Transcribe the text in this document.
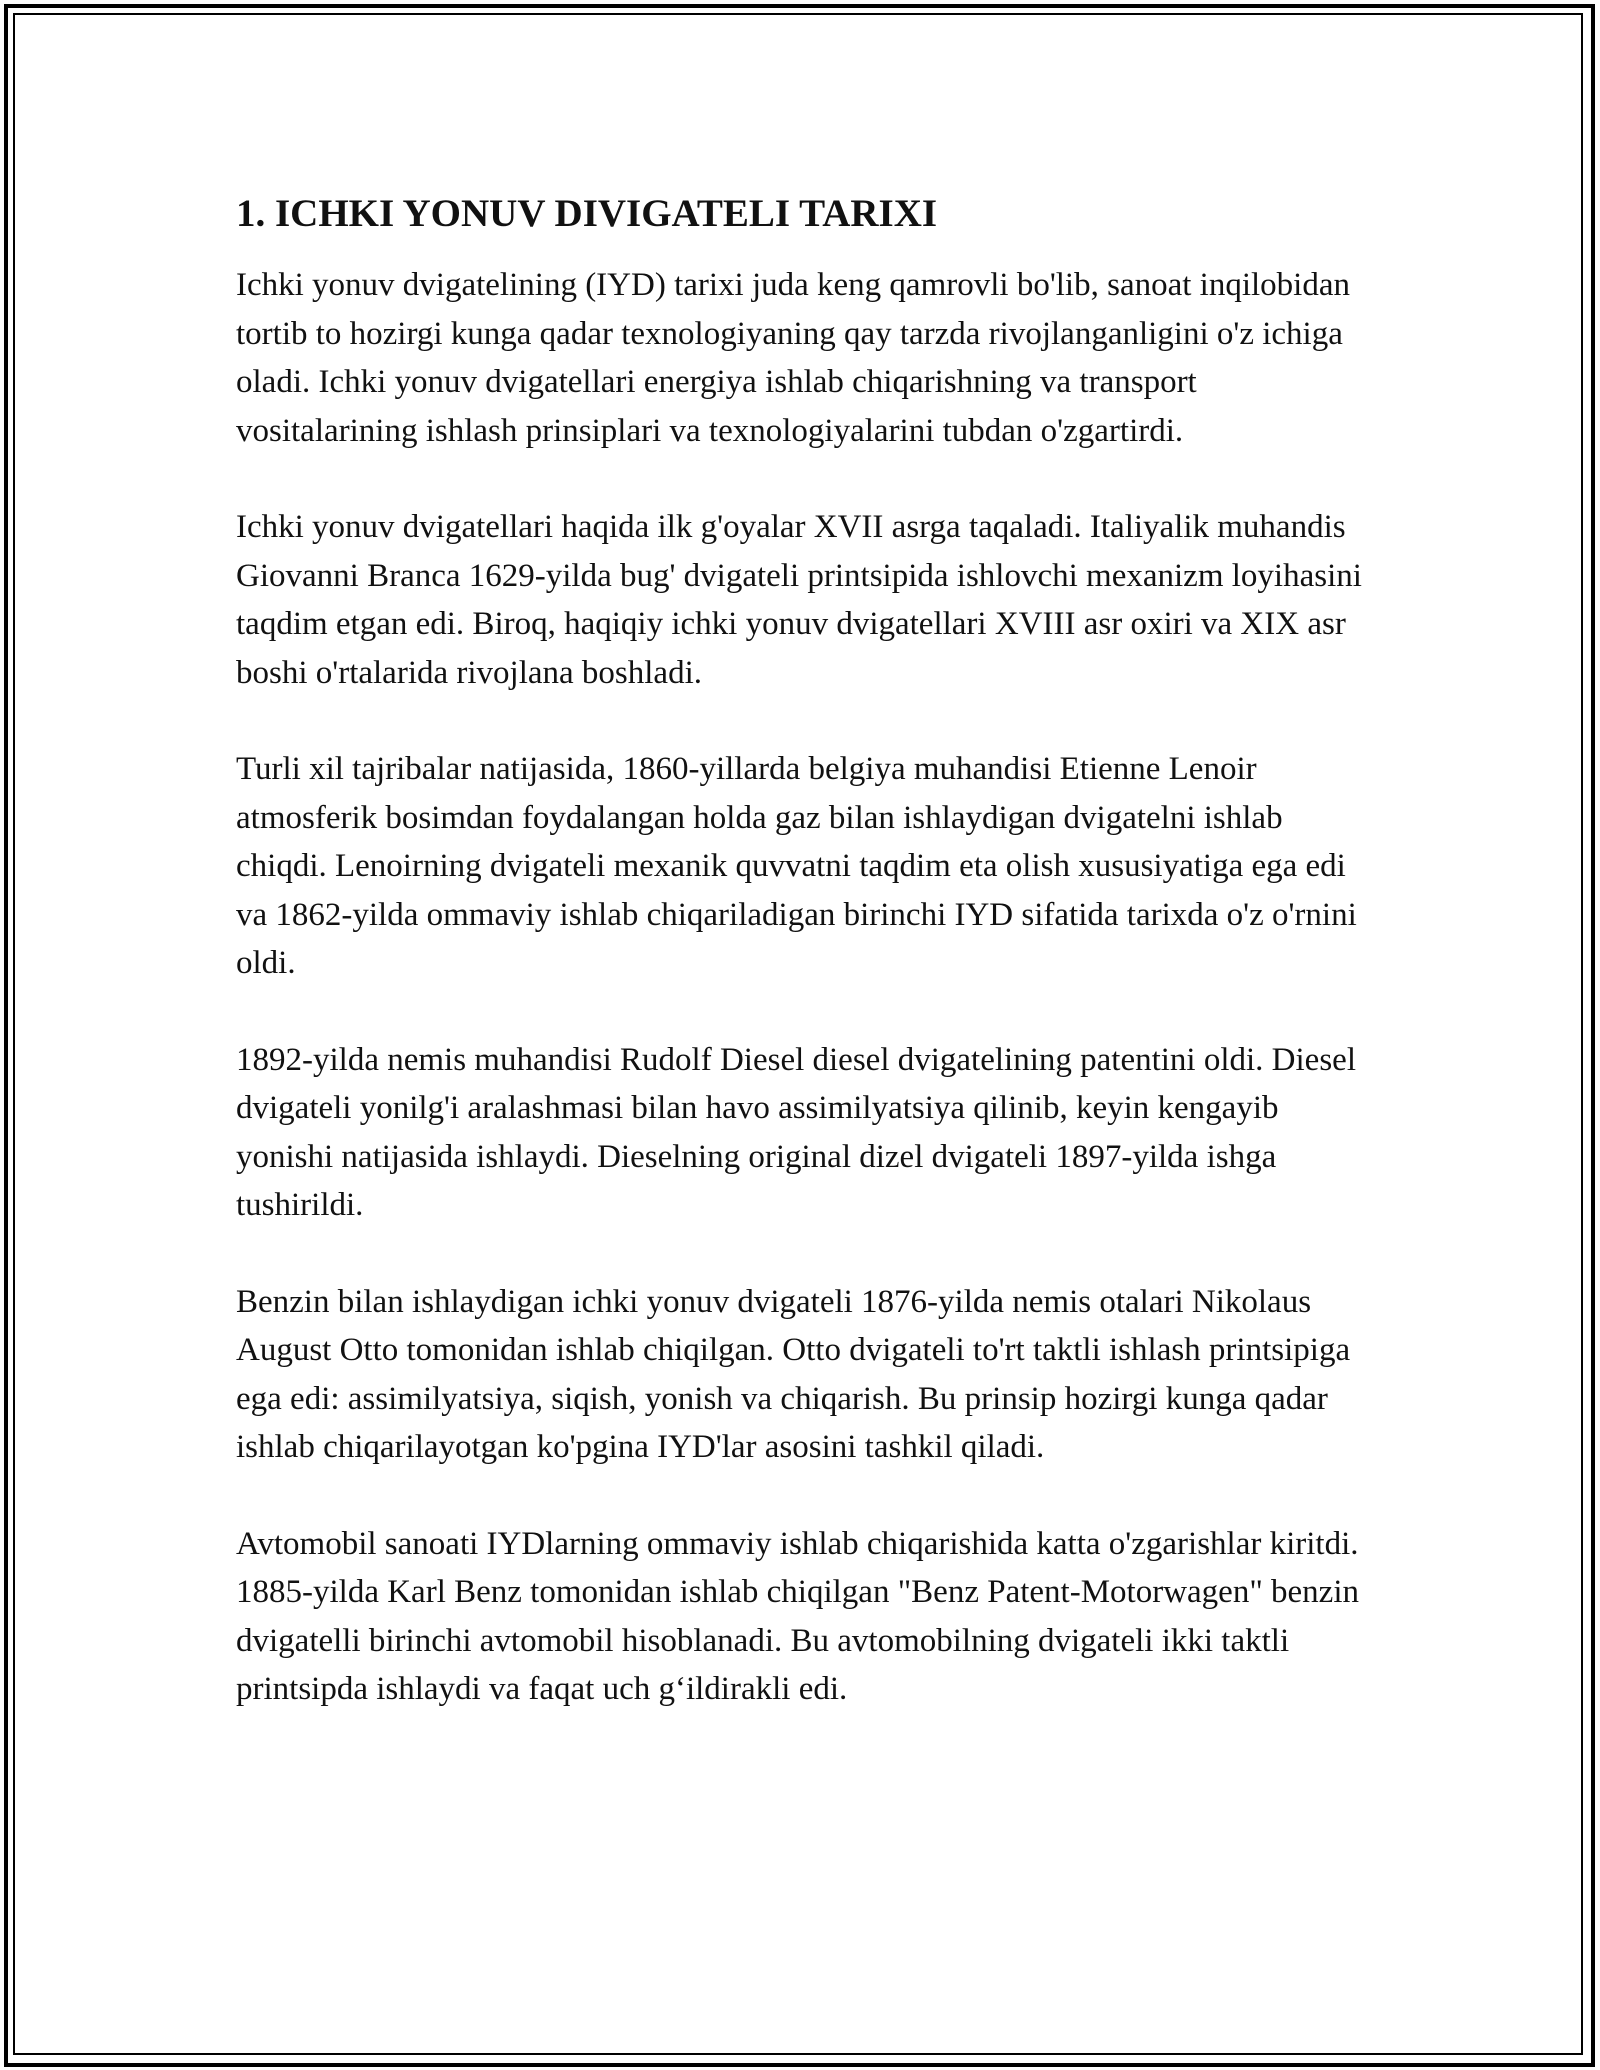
1. ICHKI YONUV DIVIGATELI TARIXI

Ichki yonuv dvigatelining (IYD) tarixi juda keng qamrovli bo'lib, sanoat inqilobidan tortib to hozirgi kunga qadar texnologiyaning qay tarzda rivojlanganligini o'z ichiga oladi. Ichki yonuv dvigatellari energiya ishlab chiqarishning va transport vositalarining ishlash prinsiplari va texnologiyalarini tubdan o'zgartirdi.

Ichki yonuv dvigatellari haqida ilk g'oyalar XVII asrga taqaladi. Italiyalik muhandis Giovanni Branca 1629-yilda bug' dvigateli printsipida ishlovchi mexanizm loyihasini taqdim etgan edi. Biroq, haqiqiy ichki yonuv dvigatellari XVIII asr oxiri va XIX asr boshi o'rtalarida rivojlana boshladi.

Turli xil tajribalar natijasida, 1860-yillarda belgiya muhandisi Etienne Lenoir atmosferik bosimdan foydalangan holda gaz bilan ishlaydigan dvigatelni ishlab chiqdi. Lenoirning dvigateli mexanik quvvatni taqdim eta olish xususiyatiga ega edi va 1862-yilda ommaviy ishlab chiqariladigan birinchi IYD sifatida tarixda o'z o'rnini oldi.

1892-yilda nemis muhandisi Rudolf Diesel diesel dvigatelining patentini oldi. Diesel dvigateli yonilg'i aralashmasi bilan havo assimilyatsiya qilinib, keyin kengayib yonishi natijasida ishlaydi. Dieselning original dizel dvigateli 1897-yilda ishga tushirildi.

Benzin bilan ishlaydigan ichki yonuv dvigateli 1876-yilda nemis otalari Nikolaus August Otto tomonidan ishlab chiqilgan. Otto dvigateli to'rt taktli ishlash printsipiga ega edi: assimilyatsiya, siqish, yonish va chiqarish. Bu prinsip hozirgi kunga qadar ishlab chiqarilayotgan ko'pgina IYD'lar asosini tashkil qiladi.

Avtomobil sanoati IYDlarning ommaviy ishlab chiqarishida katta o'zgarishlar kiritdi. 1885-yilda Karl Benz tomonidan ishlab chiqilgan "Benz Patent-Motorwagen" benzin dvigatelli birinchi avtomobil hisoblanadi. Bu avtomobilning dvigateli ikki taktli printsipda ishlaydi va faqat uch g‘ildirakli edi.
